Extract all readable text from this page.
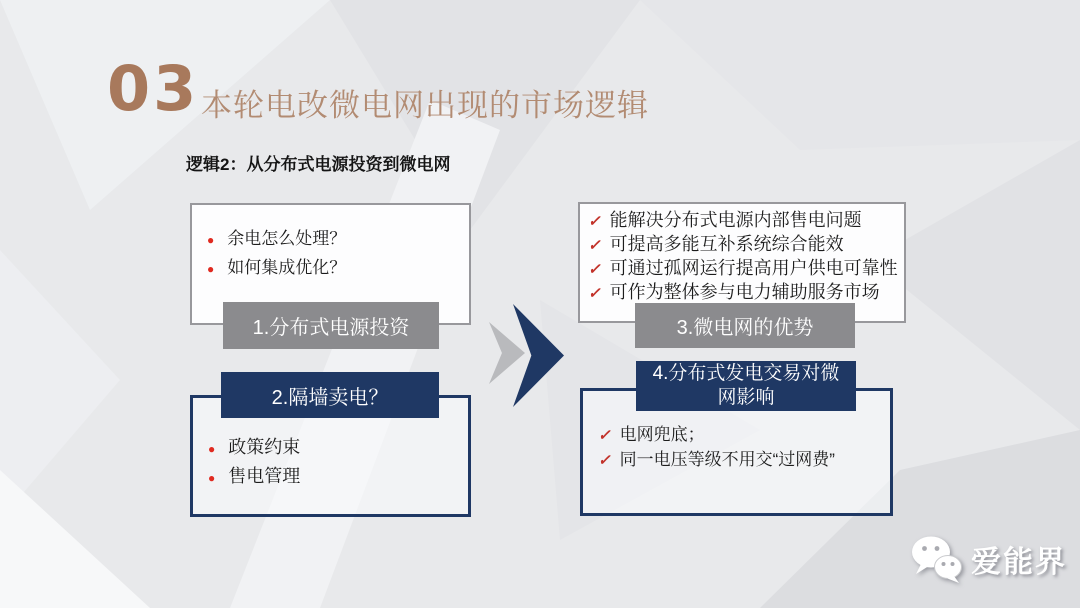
03 本轮电改微电网出现的市场逻辑
逻辑2：从分布式电源投资到微电网
● 余电怎么处理？
● 如何集成优化？
1.分布式电源投资
2.隔墙卖电？
● 政策约束
● 售电管理
✓ 能解决分布式电源内部售电问题
✓ 可提高多能互补系统综合能效
✓ 可通过孤网运行提高用户供电可靠性
✓ 可作为整体参与电力辅助服务市场
3.微电网的优势
4.分布式发电交易对微网影响
✓ 电网兜底；
✓ 同一电压等级不用交“过网费”
爱能界
